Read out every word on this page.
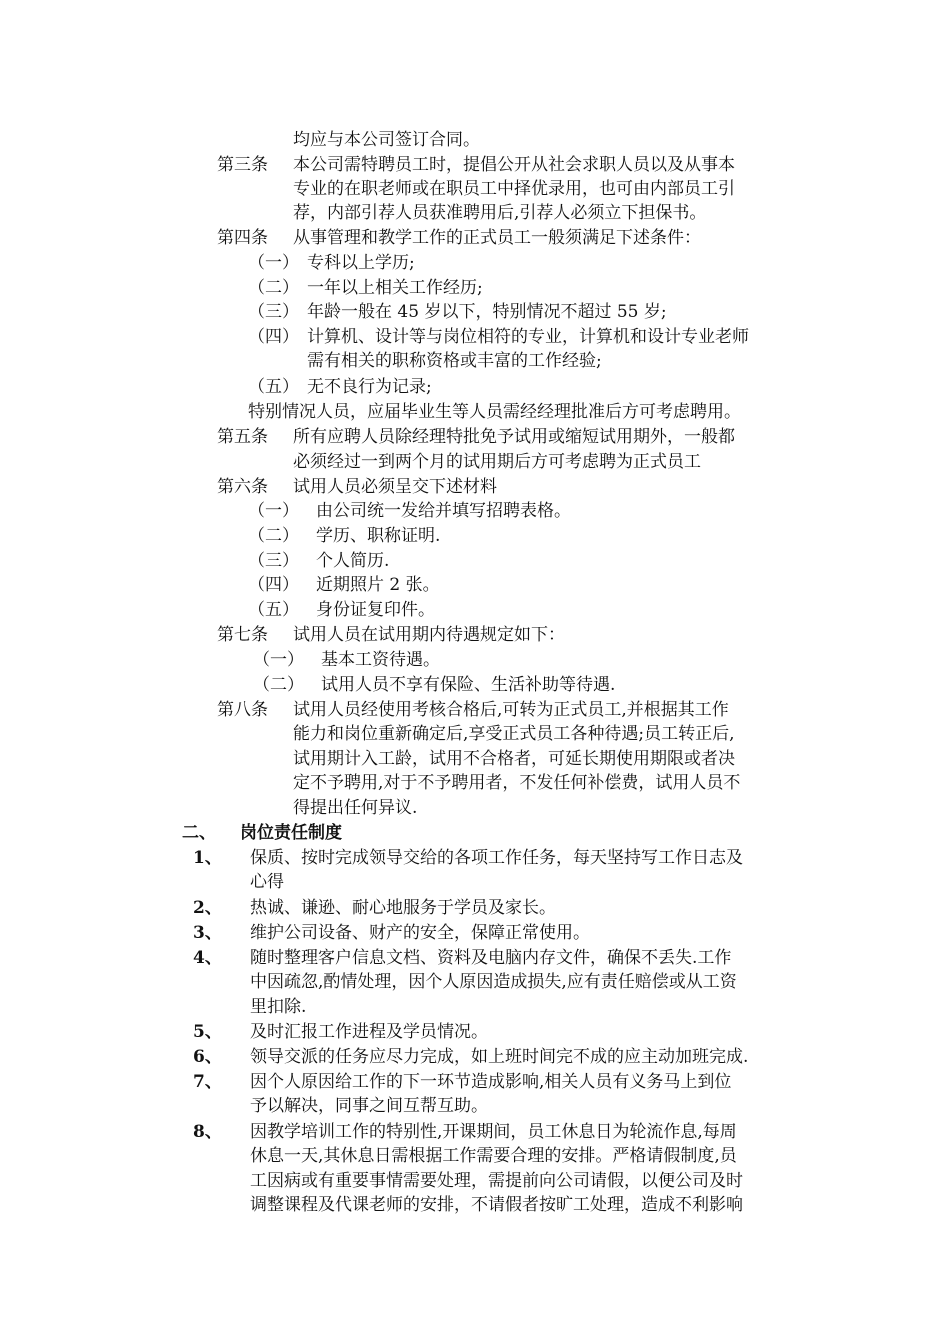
均应与本公司签订合同。
第三条 本公司需特聘员工时，提倡公开从社会求职人员以及从事本
专业的在职老师或在职员工中择优录用，也可由内部员工引
荐，内部引荐人员获准聘用后,引荐人必须立下担保书。
第四条 从事管理和教学工作的正式员工一般须满足下述条件：
（一） 专科以上学历;
（二） 一年以上相关工作经历;
（三） 年龄一般在 45 岁以下，特别情况不超过 55 岁;
（四） 计算机、设计等与岗位相符的专业，计算机和设计专业老师
需有相关的职称资格或丰富的工作经验;
（五） 无不良行为记录;
特别情况人员，应届毕业生等人员需经经理批准后方可考虑聘用。
第五条 所有应聘人员除经理特批免予试用或缩短试用期外，一般都
必须经过一到两个月的试用期后方可考虑聘为正式员工
第六条 试用人员必须呈交下述材料
（一） 由公司统一发给并填写招聘表格。
（二） 学历、职称证明.
（三） 个人简历.
（四） 近期照片 2 张。
（五） 身份证复印件。
第七条 试用人员在试用期内待遇规定如下：
（一） 基本工资待遇。
（二） 试用人员不享有保险、生活补助等待遇.
第八条 试用人员经使用考核合格后,可转为正式员工,并根据其工作
能力和岗位重新确定后,享受正式员工各种待遇;员工转正后,
试用期计入工龄，试用不合格者，可延长期使用期限或者决
定不予聘用,对于不予聘用者，不发任何补偿费，试用人员不
得提出任何异议.
二、 岗位责任制度
1、 保质、按时完成领导交给的各项工作任务，每天坚持写工作日志及
心得
2、 热诚、谦逊、耐心地服务于学员及家长。
3、 维护公司设备、财产的安全，保障正常使用。
4、 随时整理客户信息文档、资料及电脑内存文件，确保不丢失.工作
中因疏忽,酌情处理，因个人原因造成损失,应有责任赔偿或从工资
里扣除.
5、 及时汇报工作进程及学员情况。
6、 领导交派的任务应尽力完成，如上班时间完不成的应主动加班完成.
7、 因个人原因给工作的下一环节造成影响,相关人员有义务马上到位
予以解决，同事之间互帮互助。
8、 因教学培训工作的特别性,开课期间，员工休息日为轮流作息,每周
休息一天,其休息日需根据工作需要合理的安排。严格请假制度,员
工因病或有重要事情需要处理，需提前向公司请假，以便公司及时
调整课程及代课老师的安排，不请假者按旷工处理，造成不利影响
